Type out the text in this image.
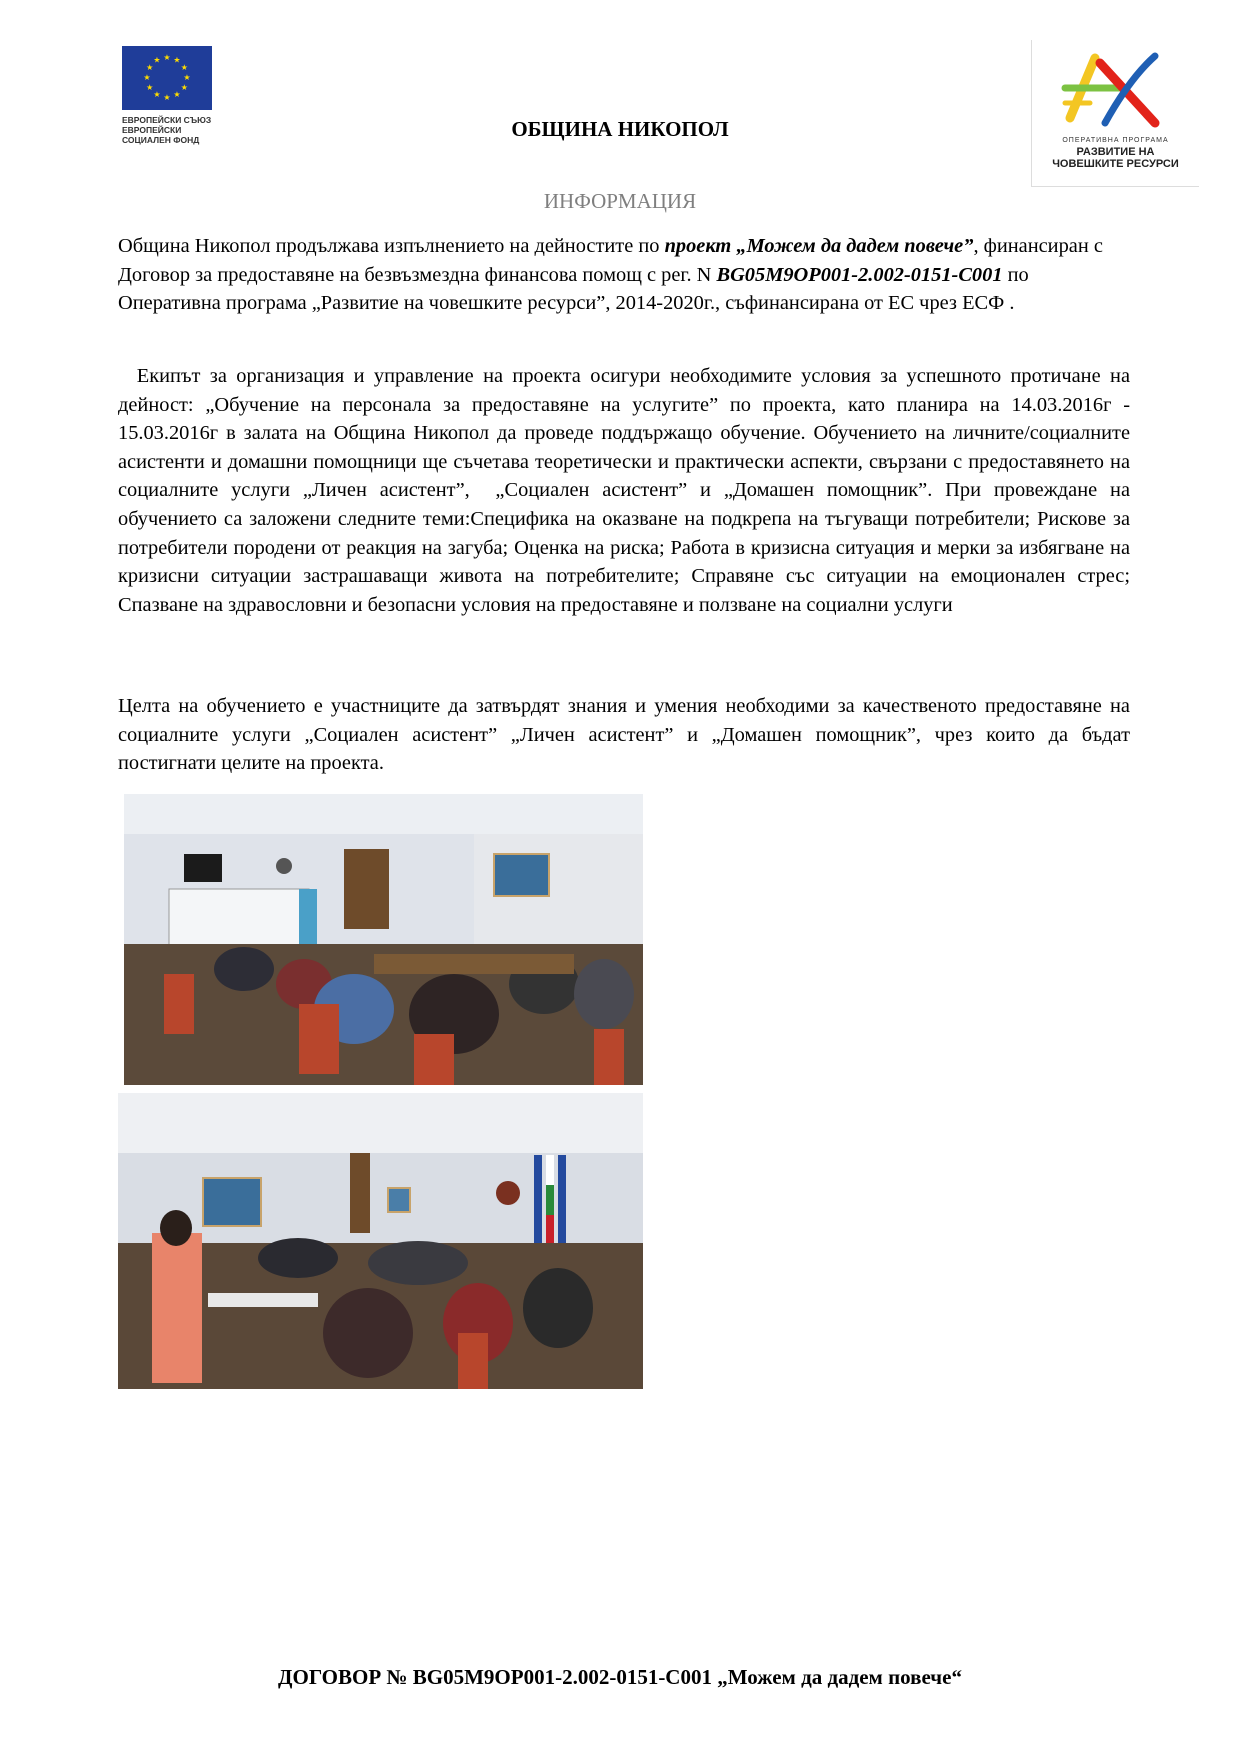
★ ★
★
★
★
★
★
★
★
★
★
★
ЕВРОПЕЙСКИ СЪЮЗ
ЕВРОПЕЙСКИ
СОЦИАЛЕН ФОНД	ОПЕРАТИВНА ПРОГРАМА
РАЗВИТИЕ НА
ЧОВЕШКИТЕ РЕСУРСИ
ОБЩИНА НИКОПОЛ
ИНФОРМАЦИЯ
Община Никопол продължава изпълнението на дейностите по проект „Можем да дадем повече”, финансиран с Договор за предоставяне на безвъзмездна финансова помощ с рег. N BG05M9OP001-2.002-0151-C001 по Оперативна програма „Развитие на човешките ресурси”, 2014-2020г., съфинансирана от ЕС чрез ЕСФ .
Екипът за организация и управление на проекта осигури необходимите условия за успешното протичане на дейност: „Обучение на персонала за предоставяне на услугите” по проекта, като планира на 14.03.2016г - 15.03.2016г в залата на Община Никопол да проведе поддържащо обучение. Обучението на личните/социалните асистенти и домашни помощници ще съчетава теоретически и практически аспекти, свързани с предоставянето на социалните услуги „Личен асистент”,  „Социален асистент” и „Домашен помощник”. При провеждане на обучението са заложени следните теми:Специфика на оказване на подкрепа на тъгуващи потребители; Рискове за потребители породени от реакция на загуба; Оценка на риска; Работа в кризисна ситуация и мерки за избягване на кризисни ситуации застрашаващи живота на потребителите; Справяне със ситуации на емоционален стрес; Спазване на здравословни и безопасни условия на предоставяне и ползване на социални услуги
Целта на обучението е участниците да затвърдят знания и умения необходими за качественото предоставяне на социалните услуги „Социален асистент” „Личен асистент” и „Домашен помощник”, чрез които да бъдат постигнати целите на проекта.
ДОГОВОР № BG05M9OP001-2.002-0151-C001 „Можем да дадем повече“
